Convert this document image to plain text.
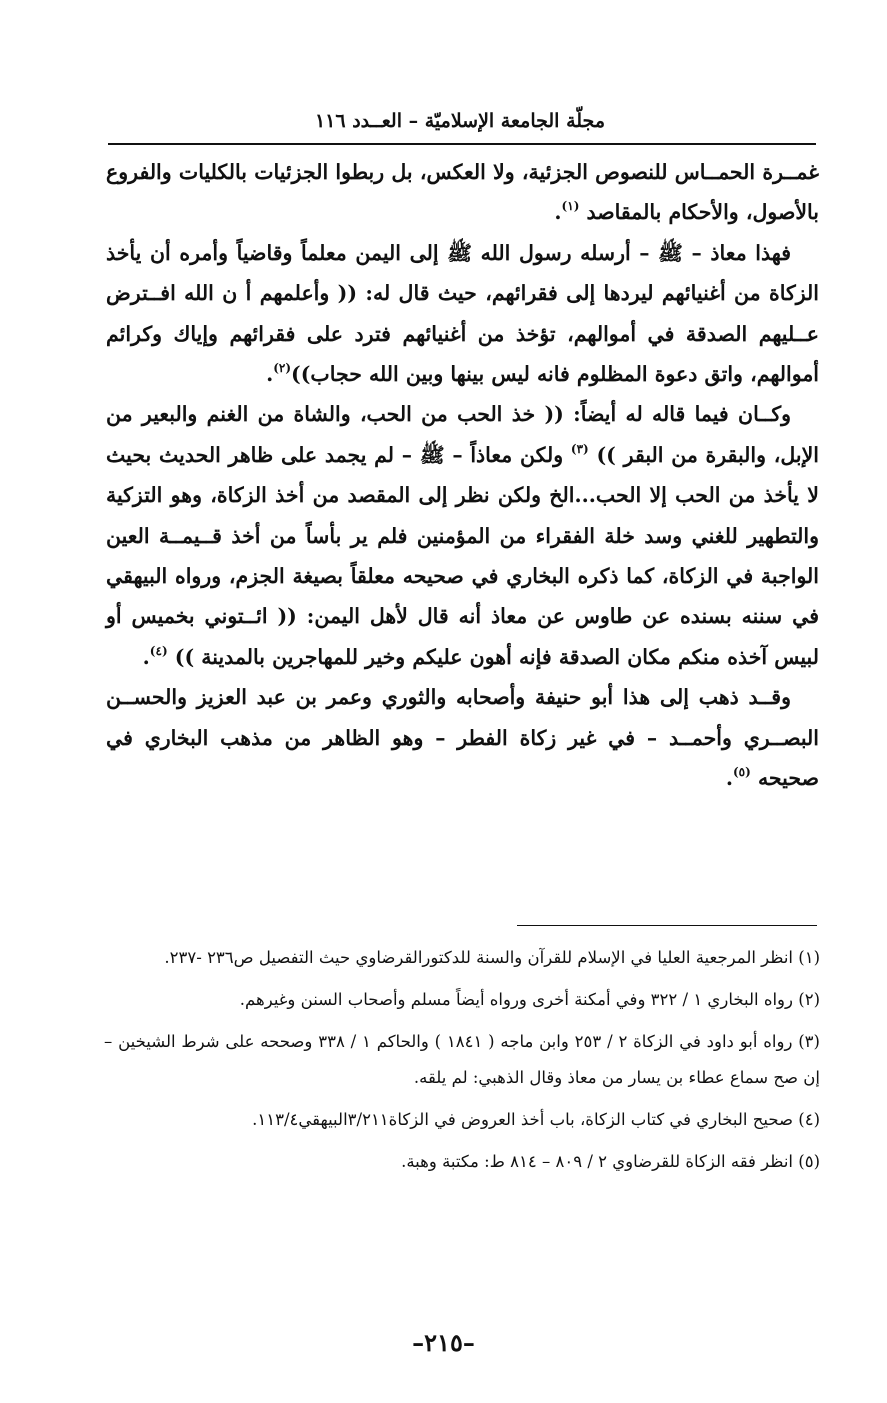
مجلّة الجامعة الإسلاميّة – العــدد ١١٦

غمــرة الحمــاس للنصوص الجزئية، ولا العكس، بل ربطوا الجزئيات بالكليات والفروع بالأصول، والأحكام بالمقاصد $^{(١)}$.

فهذا معاذ – ﷺ – أرسله رسول الله ﷺ إلى اليمن معلماً وقاضياً وأمره أن يأخذ الزكاة من أغنيائهم ليردها إلى فقرائهم، حيث قال له: (( وأعلمهم أ ن الله افــترض عــليهم الصدقة في أموالهم، تؤخذ من أغنيائهم فترد على فقرائهم وإياك وكرائم أموالهم، واتق دعوة المظلوم فانه ليس بينها وبين الله حجاب))$^{(٢)}$.

وكــان فيما قاله له أيضاً: (( خذ الحب من الحب، والشاة من الغنم والبعير من الإبل، والبقرة من البقر )) $^{(٣)}$ ولكن معاذاً – ﷺ – لم يجمد على ظاهر الحديث بحيث لا يأخذ من الحب إلا الحب...الخ ولكن نظر إلى المقصد من أخذ الزكاة، وهو التزكية والتطهير للغني وسد خلة الفقراء من المؤمنين فلم ير بأساً من أخذ قــيمــة العين الواجبة في الزكاة، كما ذكره البخاري في صحيحه معلقاً بصيغة الجزم، ورواه البيهقي في سننه بسنده عن طاوس عن معاذ أنه قال لأهل اليمن: (( ائــتوني بخميس أو لبيس آخذه منكم مكان الصدقة فإنه أهون عليكم وخير للمهاجرين بالمدينة )) $^{(٤)}$.

وقــد ذهب إلى هذا أبو حنيفة وأصحابه والثوري وعمر بن عبد العزيز والحســن البصــري وأحمــد – في غير زكاة الفطر – وهو الظاهر من مذهب البخاري في صحيحه $^{(٥)}$.

(١) انظر المرجعية العليا في الإسلام للقرآن والسنة للدكتورالقرضاوي حيث التفصيل ص٢٣٦ -٢٣٧.

(٢) رواه البخاري ١ / ٣٢٢ وفي أمكنة أخرى ورواه أيضاً مسلم وأصحاب السنن وغيرهم.

(٣) رواه أبو داود في الزكاة ٢ / ٢٥٣ وابن ماجه ( ١٨٤١ ) والحاكم ١ / ٣٣٨ وصححه على شرط الشيخين – إن صح سماع عطاء بن يسار من معاذ وقال الذهبي: لم يلقه.

(٤) صحيح البخاري في كتاب الزكاة، باب أخذ العروض في الزكاة٣/٢١١البيهقي١١٣/٤.

(٥) انظر فقه الزكاة للقرضاوي ٢ / ٨٠٩ – ٨١٤ ط: مكتبة وهبة.

–٢١٥–
